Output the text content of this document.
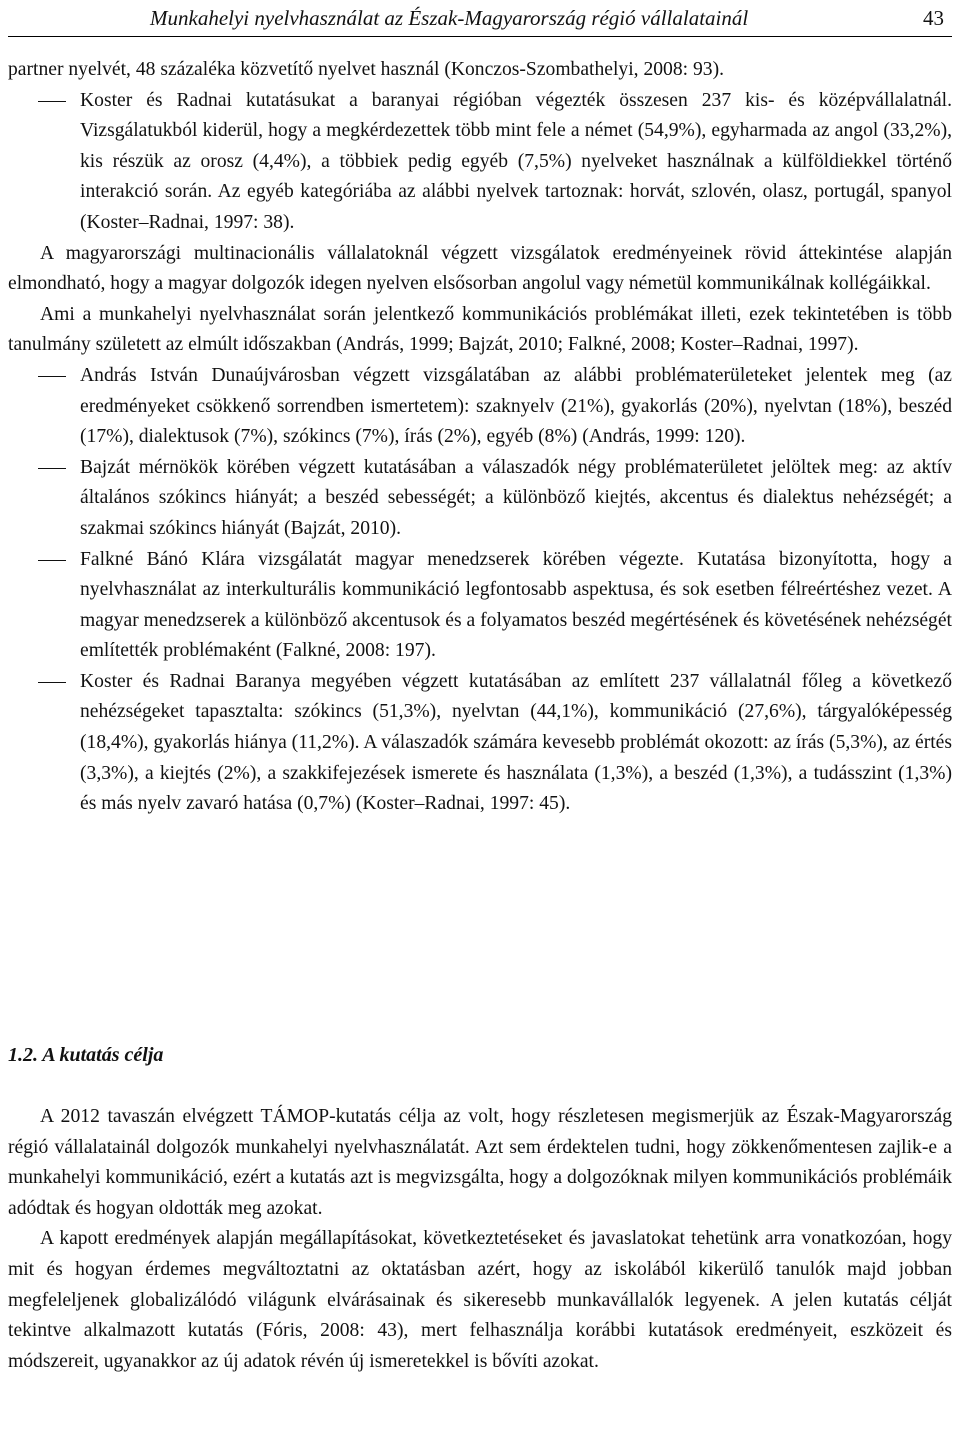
Munkahelyi nyelvhasználat az Észak-Magyarország régió vállalatainál	43

partner nyelvét, 48 százaléka közvetítő nyelvet használ (Konczos-Szombathelyi, 2008: 93).

Koster és Radnai kutatásukat a baranyai régióban végezték összesen 237 kis- és középvállalatnál. Vizsgálatukból kiderül, hogy a megkérdezettek több mint fele a német (54,9%), egyharmada az angol (33,2%), kis részük az orosz (4,4%), a többiek pedig egyéb (7,5%) nyelveket használnak a külföldiekkel történő interakció során. Az egyéb kategóriába az alábbi nyelvek tartoznak: horvát, szlovén, olasz, portugál, spanyol (Koster–Radnai, 1997: 38).

A magyarországi multinacionális vállalatoknál végzett vizsgálatok eredményeinek rövid áttekintése alapján elmondható, hogy a magyar dolgozók idegen nyelven elsősorban angolul vagy németül kommunikálnak kollégáikkal.

Ami a munkahelyi nyelvhasználat során jelentkező kommunikációs problémákat illeti, ezek tekintetében is több tanulmány született az elmúlt időszakban (András, 1999; Bajzát, 2010; Falkné, 2008; Koster–Radnai, 1997).

András István Dunaújvárosban végzett vizsgálatában az alábbi problématerületeket jelentek meg (az eredményeket csökkenő sorrendben ismertetem): szaknyelv (21%), gyakorlás (20%), nyelvtan (18%), beszéd (17%), dialektusok (7%), szókincs (7%), írás (2%), egyéb (8%) (András, 1999: 120).

Bajzát mérnökök körében végzett kutatásában a válaszadók négy problématerületet jelöltek meg: az aktív általános szókincs hiányát; a beszéd sebességét; a különböző kiejtés, akcentus és dialektus nehézségét; a szakmai szókincs hiányát (Bajzát, 2010).

Falkné Bánó Klára vizsgálatát magyar menedzserek körében végezte. Kutatása bizonyította, hogy a nyelvhasználat az interkulturális kommunikáció legfontosabb aspektusa, és sok esetben félreértéshez vezet. A magyar menedzserek a különböző akcentusok és a folyamatos beszéd megértésének és követésének nehézségét említették problémaként (Falkné, 2008: 197).

Koster és Radnai Baranya megyében végzett kutatásában az említett 237 vállalatnál főleg a következő nehézségeket tapasztalta: szókincs (51,3%), nyelvtan (44,1%), kommunikáció (27,6%), tárgyalóképesség (18,4%), gyakorlás hiánya (11,2%). A válaszadók számára kevesebb problémát okozott: az írás (5,3%), az értés (3,3%), a kiejtés (2%), a szakkifejezések ismerete és használata (1,3%), a beszéd (1,3%), a tudásszint (1,3%) és más nyelv zavaró hatása (0,7%) (Koster–Radnai, 1997: 45).

1.2. A kutatás célja

A 2012 tavaszán elvégzett TÁMOP-kutatás célja az volt, hogy részletesen megismerjük az Észak-Magyarország régió vállalatainál dolgozók munkahelyi nyelvhasználatát. Azt sem érdektelen tudni, hogy zökkenőmentesen zajlik-e a munkahelyi kommunikáció, ezért a kutatás azt is megvizsgálta, hogy a dolgozóknak milyen kommunikációs problémáik adódtak és hogyan oldották meg azokat.

A kapott eredmények alapján megállapításokat, következtetéseket és javaslatokat tehetünk arra vonatkozóan, hogy mit és hogyan érdemes megváltoztatni az oktatásban azért, hogy az iskolából kikerülő tanulók majd jobban megfeleljenek globalizálódó világunk elvárásainak és sikeresebb munkavállalók legyenek. A jelen kutatás célját tekintve alkalmazott kutatás (Fóris, 2008: 43), mert felhasználja korábbi kutatások eredményeit, eszközeit és módszereit, ugyanakkor az új adatok révén új ismeretekkel is bővíti azokat.
